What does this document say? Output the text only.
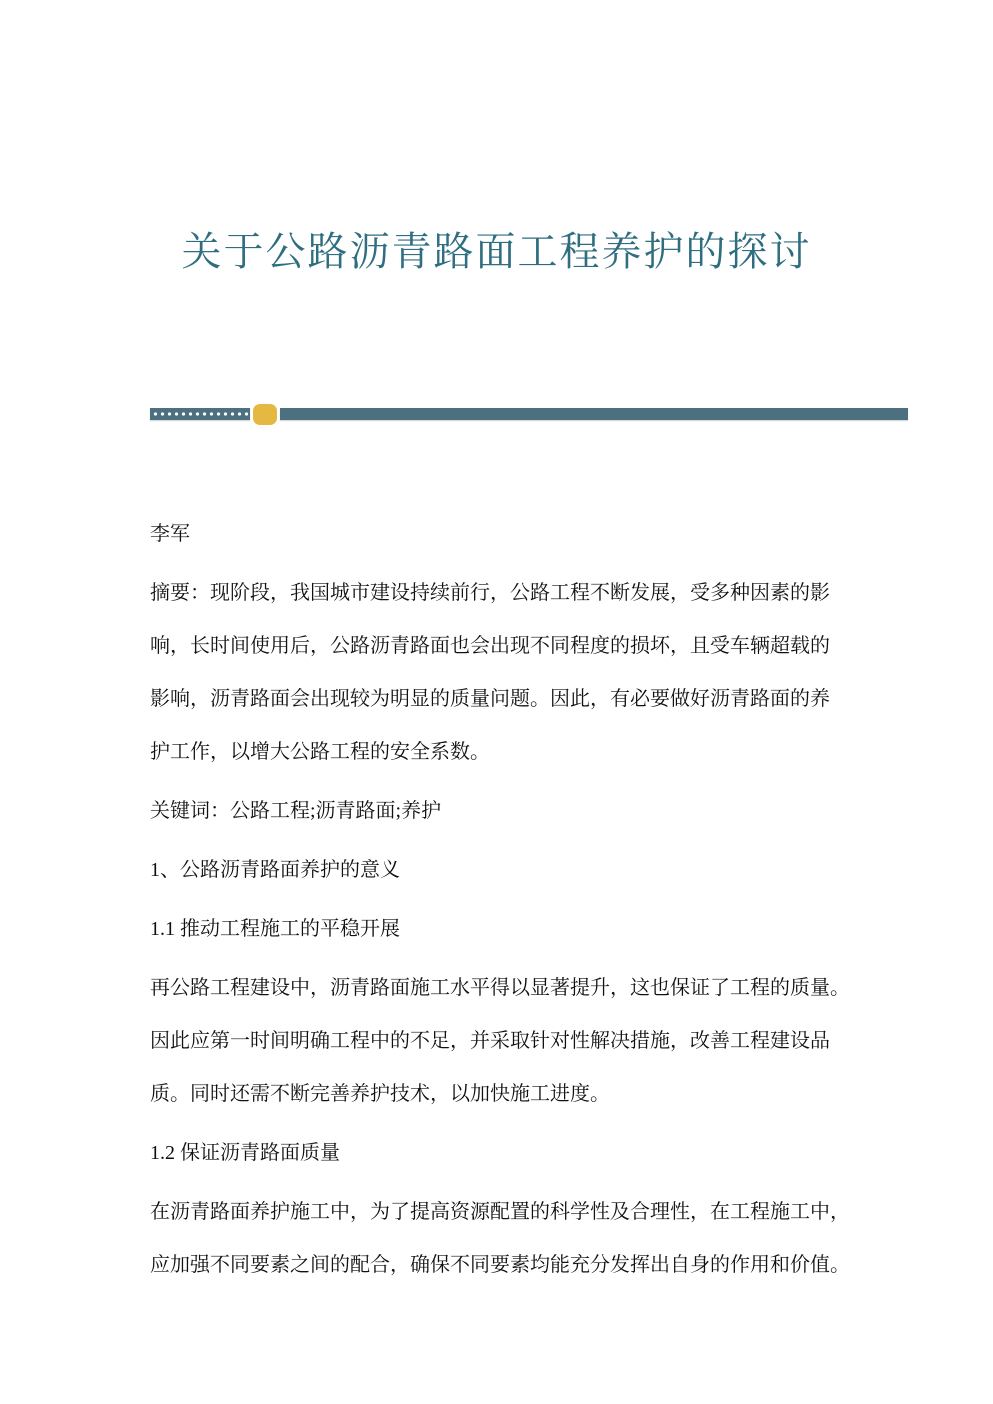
关于公路沥青路面工程养护的探讨
李军
摘要：现阶段，我国城市建设持续前行，公路工程不断发展，受多种因素的影
响，长时间使用后，公路沥青路面也会出现不同程度的损坏，且受车辆超载的
影响，沥青路面会出现较为明显的质量问题。因此，有必要做好沥青路面的养
护工作，以增大公路工程的安全系数。
关键词：公路工程;沥青路面;养护
1、公路沥青路面养护的意义
1.1 推动工程施工的平稳开展
再公路工程建设中，沥青路面施工水平得以显著提升，这也保证了工程的质量。
因此应第一时间明确工程中的不足，并采取针对性解决措施，改善工程建设品
质。同时还需不断完善养护技术，以加快施工进度。
1.2 保证沥青路面质量
在沥青路面养护施工中，为了提高资源配置的科学性及合理性，在工程施工中，
应加强不同要素之间的配合，确保不同要素均能充分发挥出自身的作用和价值。
